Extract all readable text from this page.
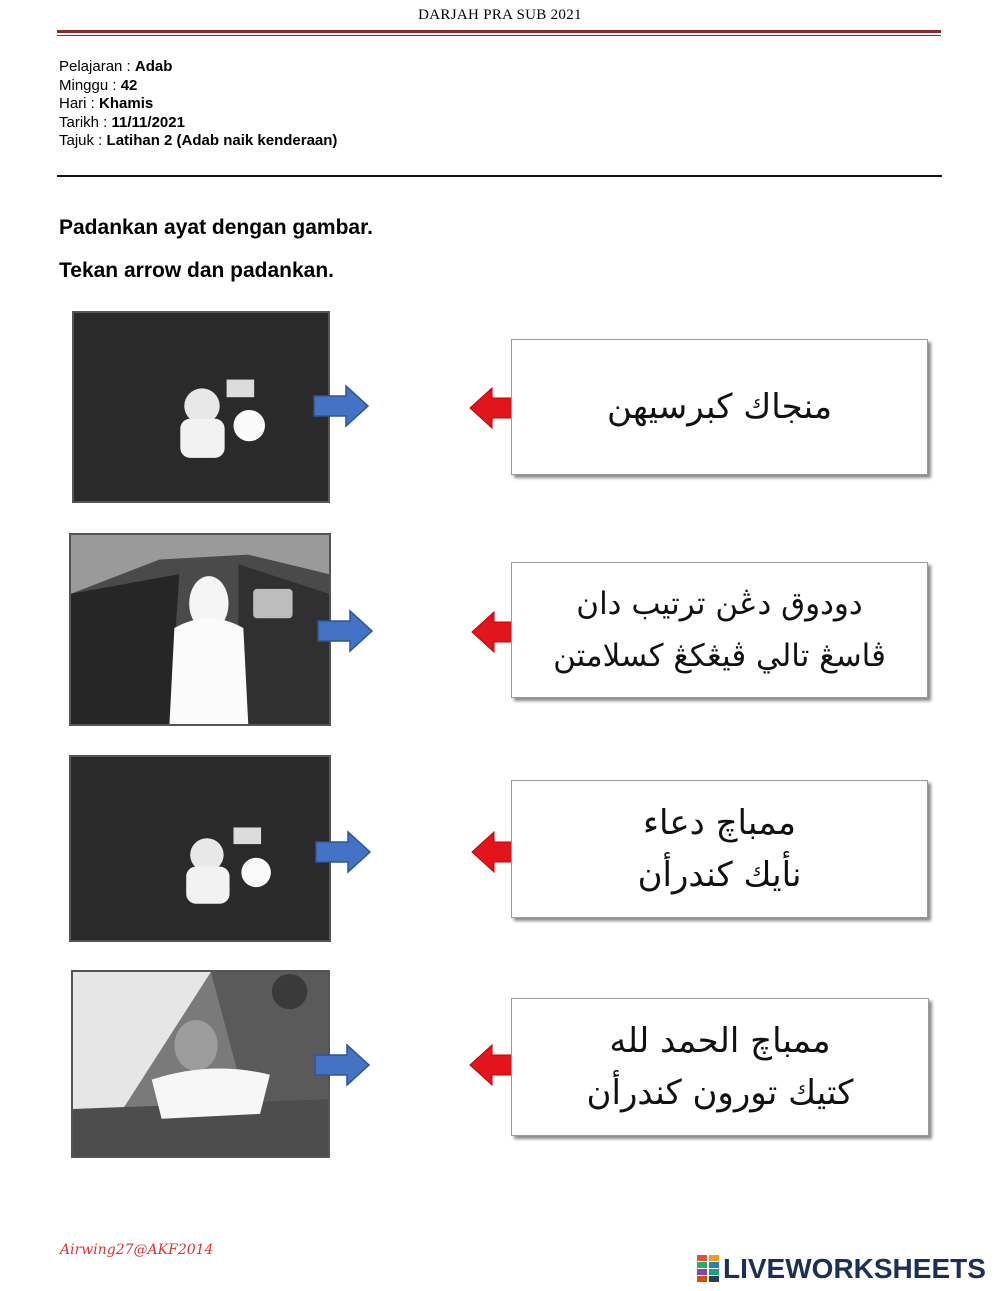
DARJAH PRA SUB 2021
Pelajaran : Adab
Minggu : 42
Hari : Khamis
Tarikh : 11/11/2021
Tajuk : Latihan 2 (Adab naik kenderaan)
Padankan ayat dengan gambar.
Tekan arrow dan padankan.
منجاك كبرسيهن
دودوق دڠن ترتيب دان
ڤاسڠ تالي ڤيڠكڠ كسلامتن
ممباچ دعاء
نأيك كندرأن
ممباچ الحمد لله
كتيك تورون كندرأن
Airwing27@AKF2014
LIVEWORKSHEETS
